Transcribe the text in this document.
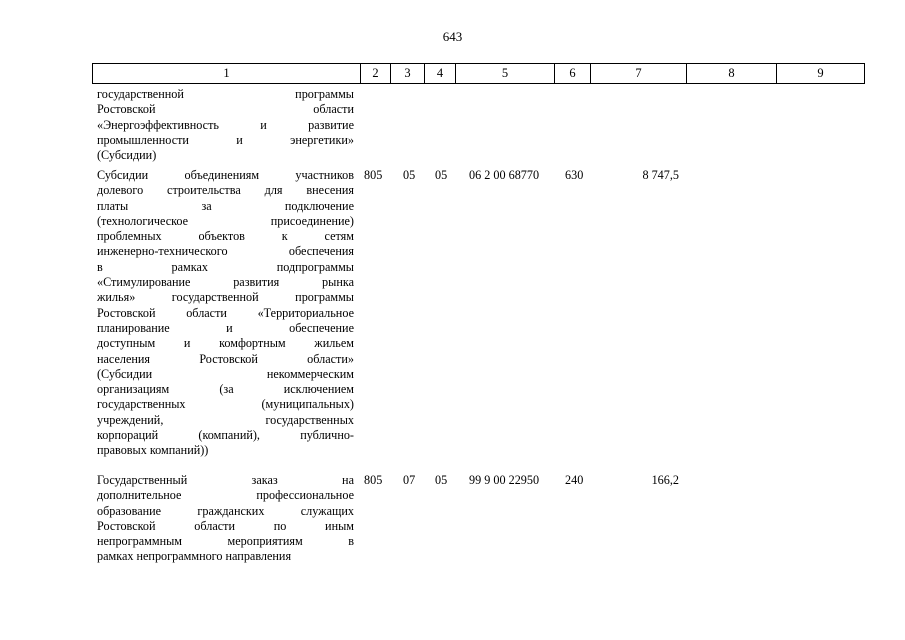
643
1	2	3	4	5	6	7	8	9
государственной программы
Ростовской области
«Энергоэффективность и развитие
промышленности и энергетики»
(Субсидии)
Субсидии объединениям участников
долевого строительства для внесения
платы за подключение
(технологическое присоединение)
проблемных объектов к сетям
инженерно-технического обеспечения
в рамках подпрограммы
«Стимулирование развития рынка
жилья» государственной программы
Ростовской области «Территориальное
планирование и обеспечение
доступным и комфортным жильем
населения Ростовской области»
(Субсидии некоммерческим
организациям (за исключением
государственных (муниципальных)
учреждений, государственных
корпораций (компаний), публично-
правовых компаний))
805	05	05	06 2 00 68770	630	8 747,5
Государственный заказ на
дополнительное профессиональное
образование гражданских служащих
Ростовской области по иным
непрограммным мероприятиям в
рамках непрограммного направления
805	07	05	99 9 00 22950	240	166,2
